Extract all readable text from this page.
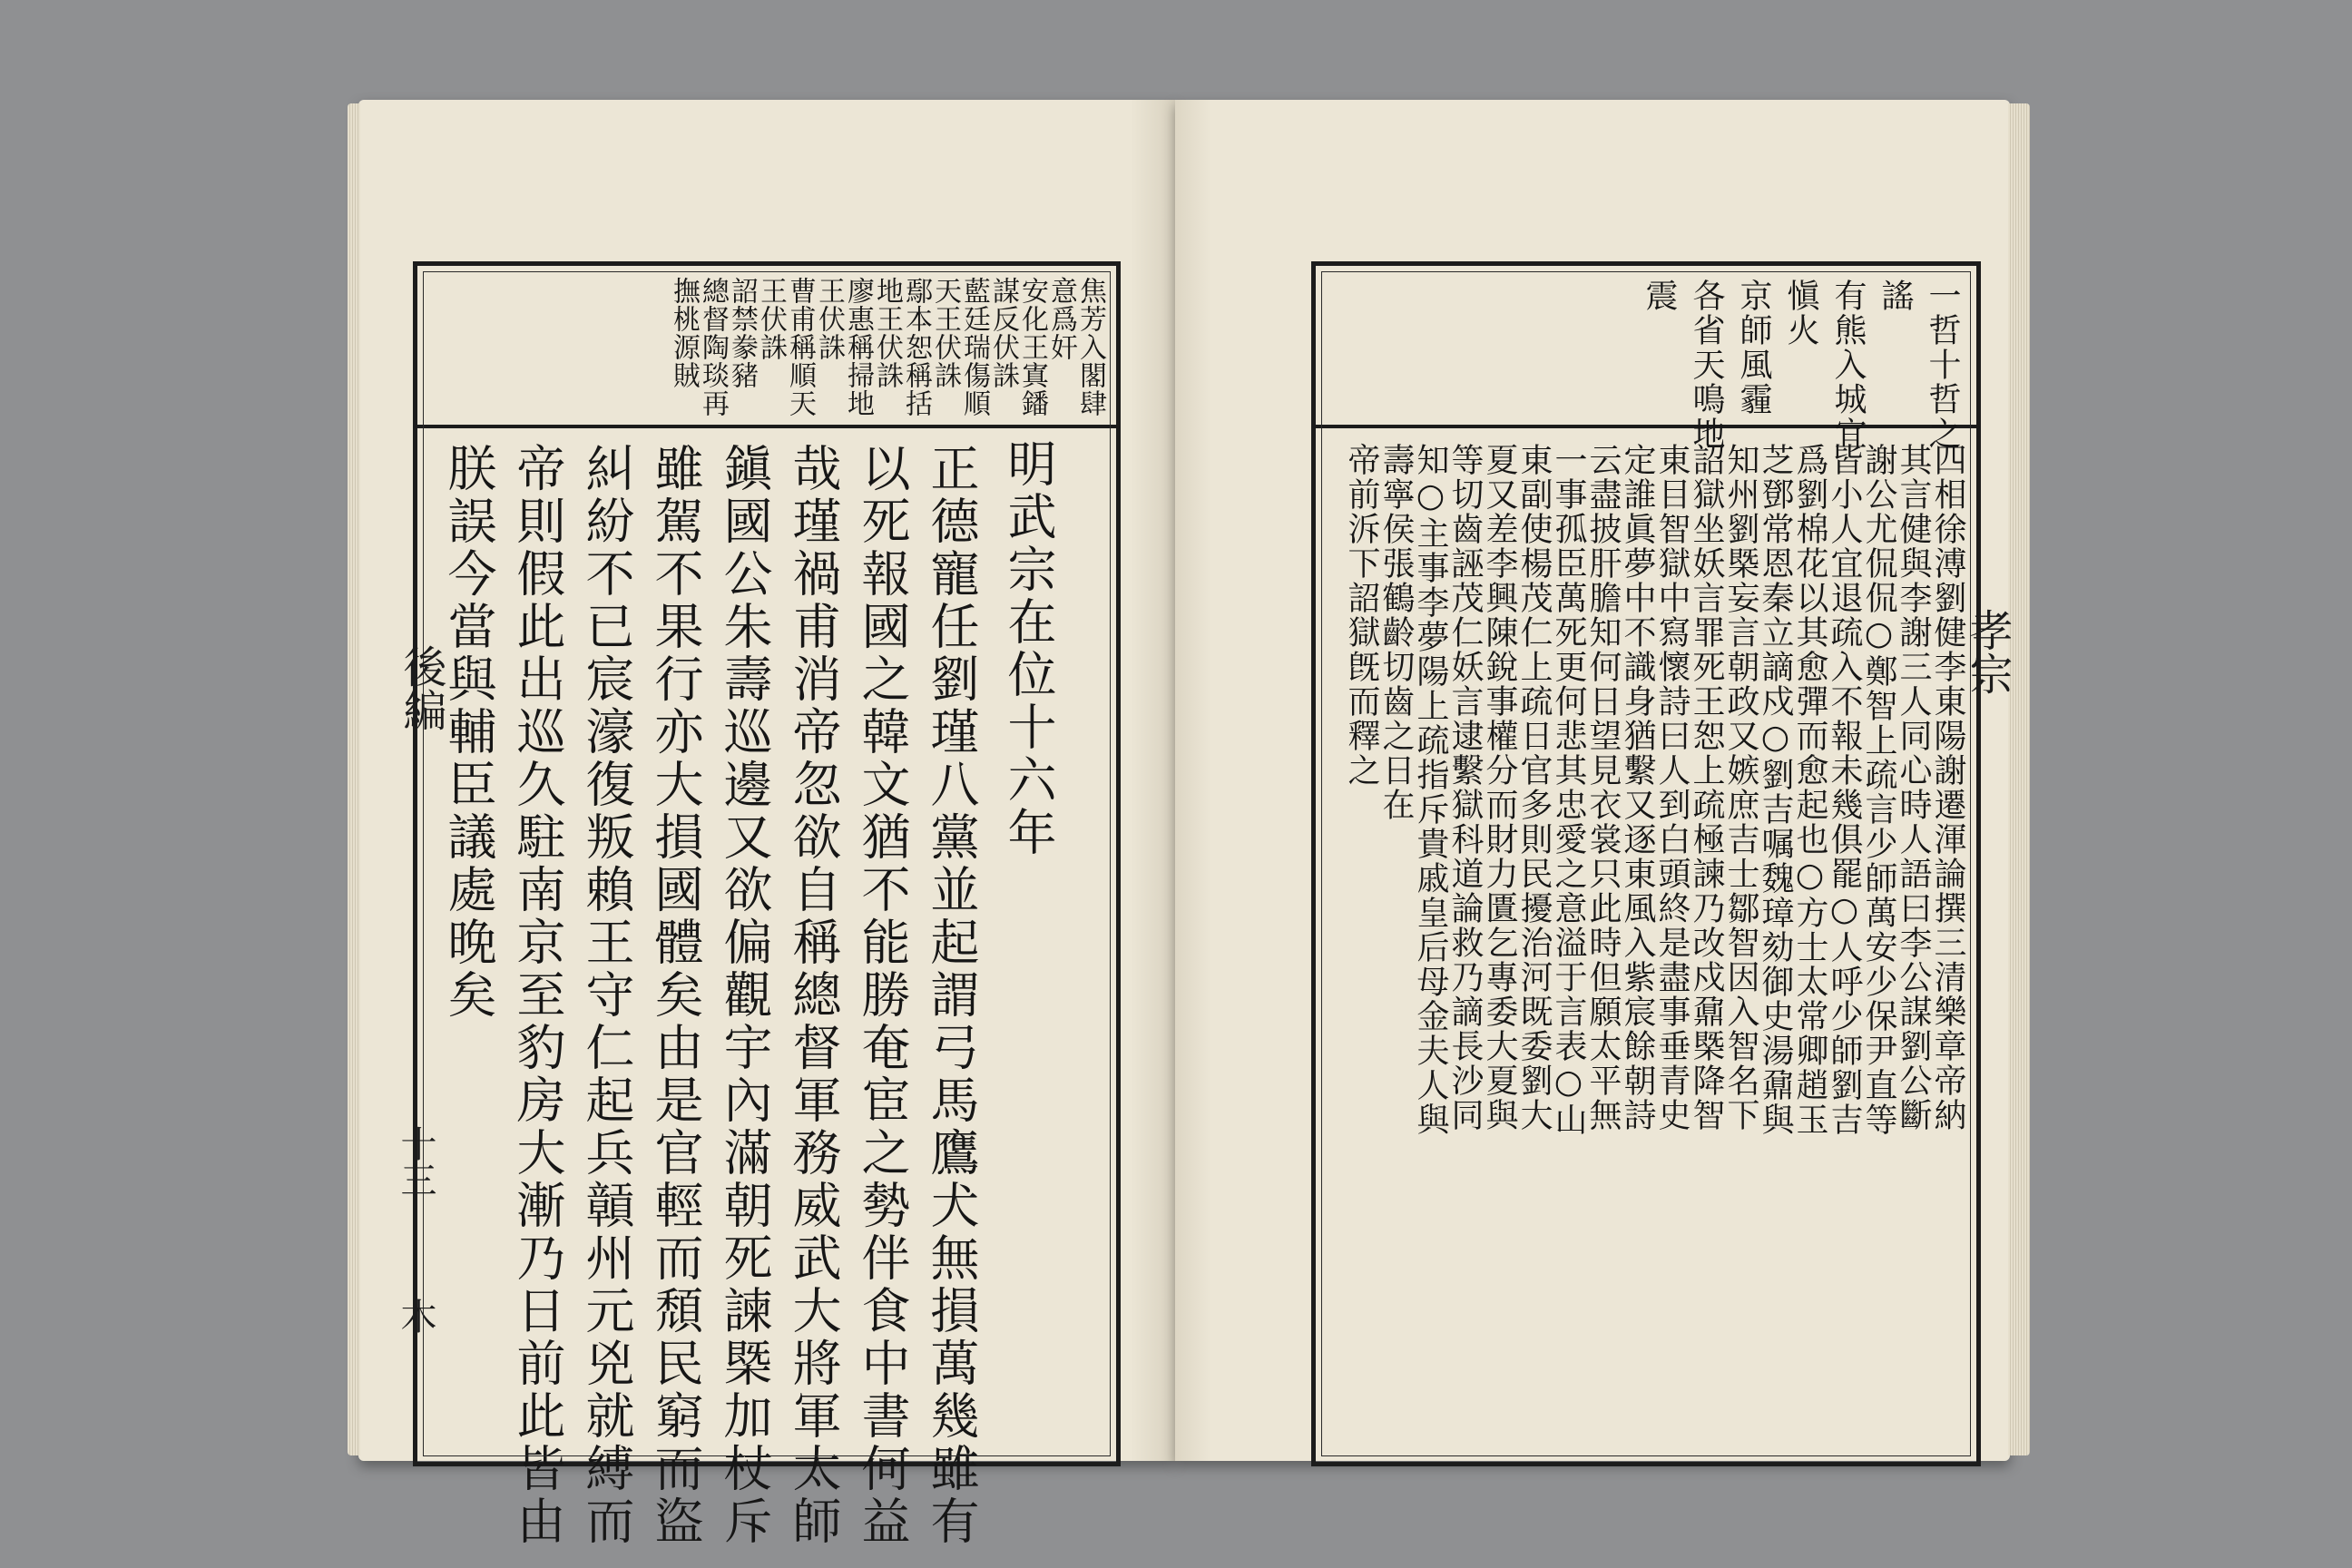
焦芳入閣肆
意爲奸
安化王寘鐇
謀反伏誅
藍廷瑞傷順
天王伏誅
鄢本恕稱括
地王伏誅
廖惠稱掃地
王伏誅
曹甫稱順天
王伏誅
詔禁豢豬
總督陶琰再
撫桃源賊
明武宗在位十六年
正德寵任劉瑾八黨並起謂弓馬鷹犬無損萬幾雖有
以死報國之韓文猶不能勝奄宦之勢伴食中書何益
哉瑾禍甫消帝忽欲自稱總督軍務威武大將軍太師
鎭國公朱壽巡邊又欲偏觀宇內滿朝死諫槩加杖斥
雖駕不果行亦大損國體矣由是官輕而頹民窮而盜
糾紛不已宸濠復叛賴王守仁起兵贑州元兇就縛而
帝則假此出巡久駐南京至豹房大漸乃日前此皆由
朕誤今當與輔臣議處晚矣
後編
十三
木
一哲十哲之
謠
有熊入城宜
愼火
京師風霾
各省天鳴地
震
四相徐溥劉健李東陽謝遷渾論撰三清樂章帝納
其言健與李謝三人同心時人語曰李公謀劉公斷
謝公尤侃侃○鄭智上疏言少師萬安少保尹直等
皆小人宜退疏入不報未幾俱罷○人呼少師劉吉
爲劉棉花以其愈彈而愈起也○方士太常卿趙玉
芝鄧常恩秦立謫戍○劉吉嘱魏璋劾御史湯鼐與
知州劉槩妄言朝政又嫉庶吉士鄒智因入智名下
詔獄坐妖言罪死王恕上疏極諫乃改戍鼐槩降智
東目智獄中寫懷詩曰人到白頭終是盡事垂青史
定誰眞夢中不識身猶繫又逐東風入紫宸餘朝詩
云盡披肝膽知何日望見衣裳只此時但願太平無
一事孤臣萬死更何悲其忠愛之意溢于言表○山
東副使楊茂仁上疏日官多則民擾治河既委劉大
夏又差李興陳銳事權分而財力匱乞專委大夏與
等切齒誣茂仁妖言逮繫獄科道論救乃謫長沙同
知○主事李夢陽上疏指斥貴戚皇后母金夫人與
壽寧侯張鶴齡切齒之日在
帝前泝下詔獄旣而釋之	孝宗
